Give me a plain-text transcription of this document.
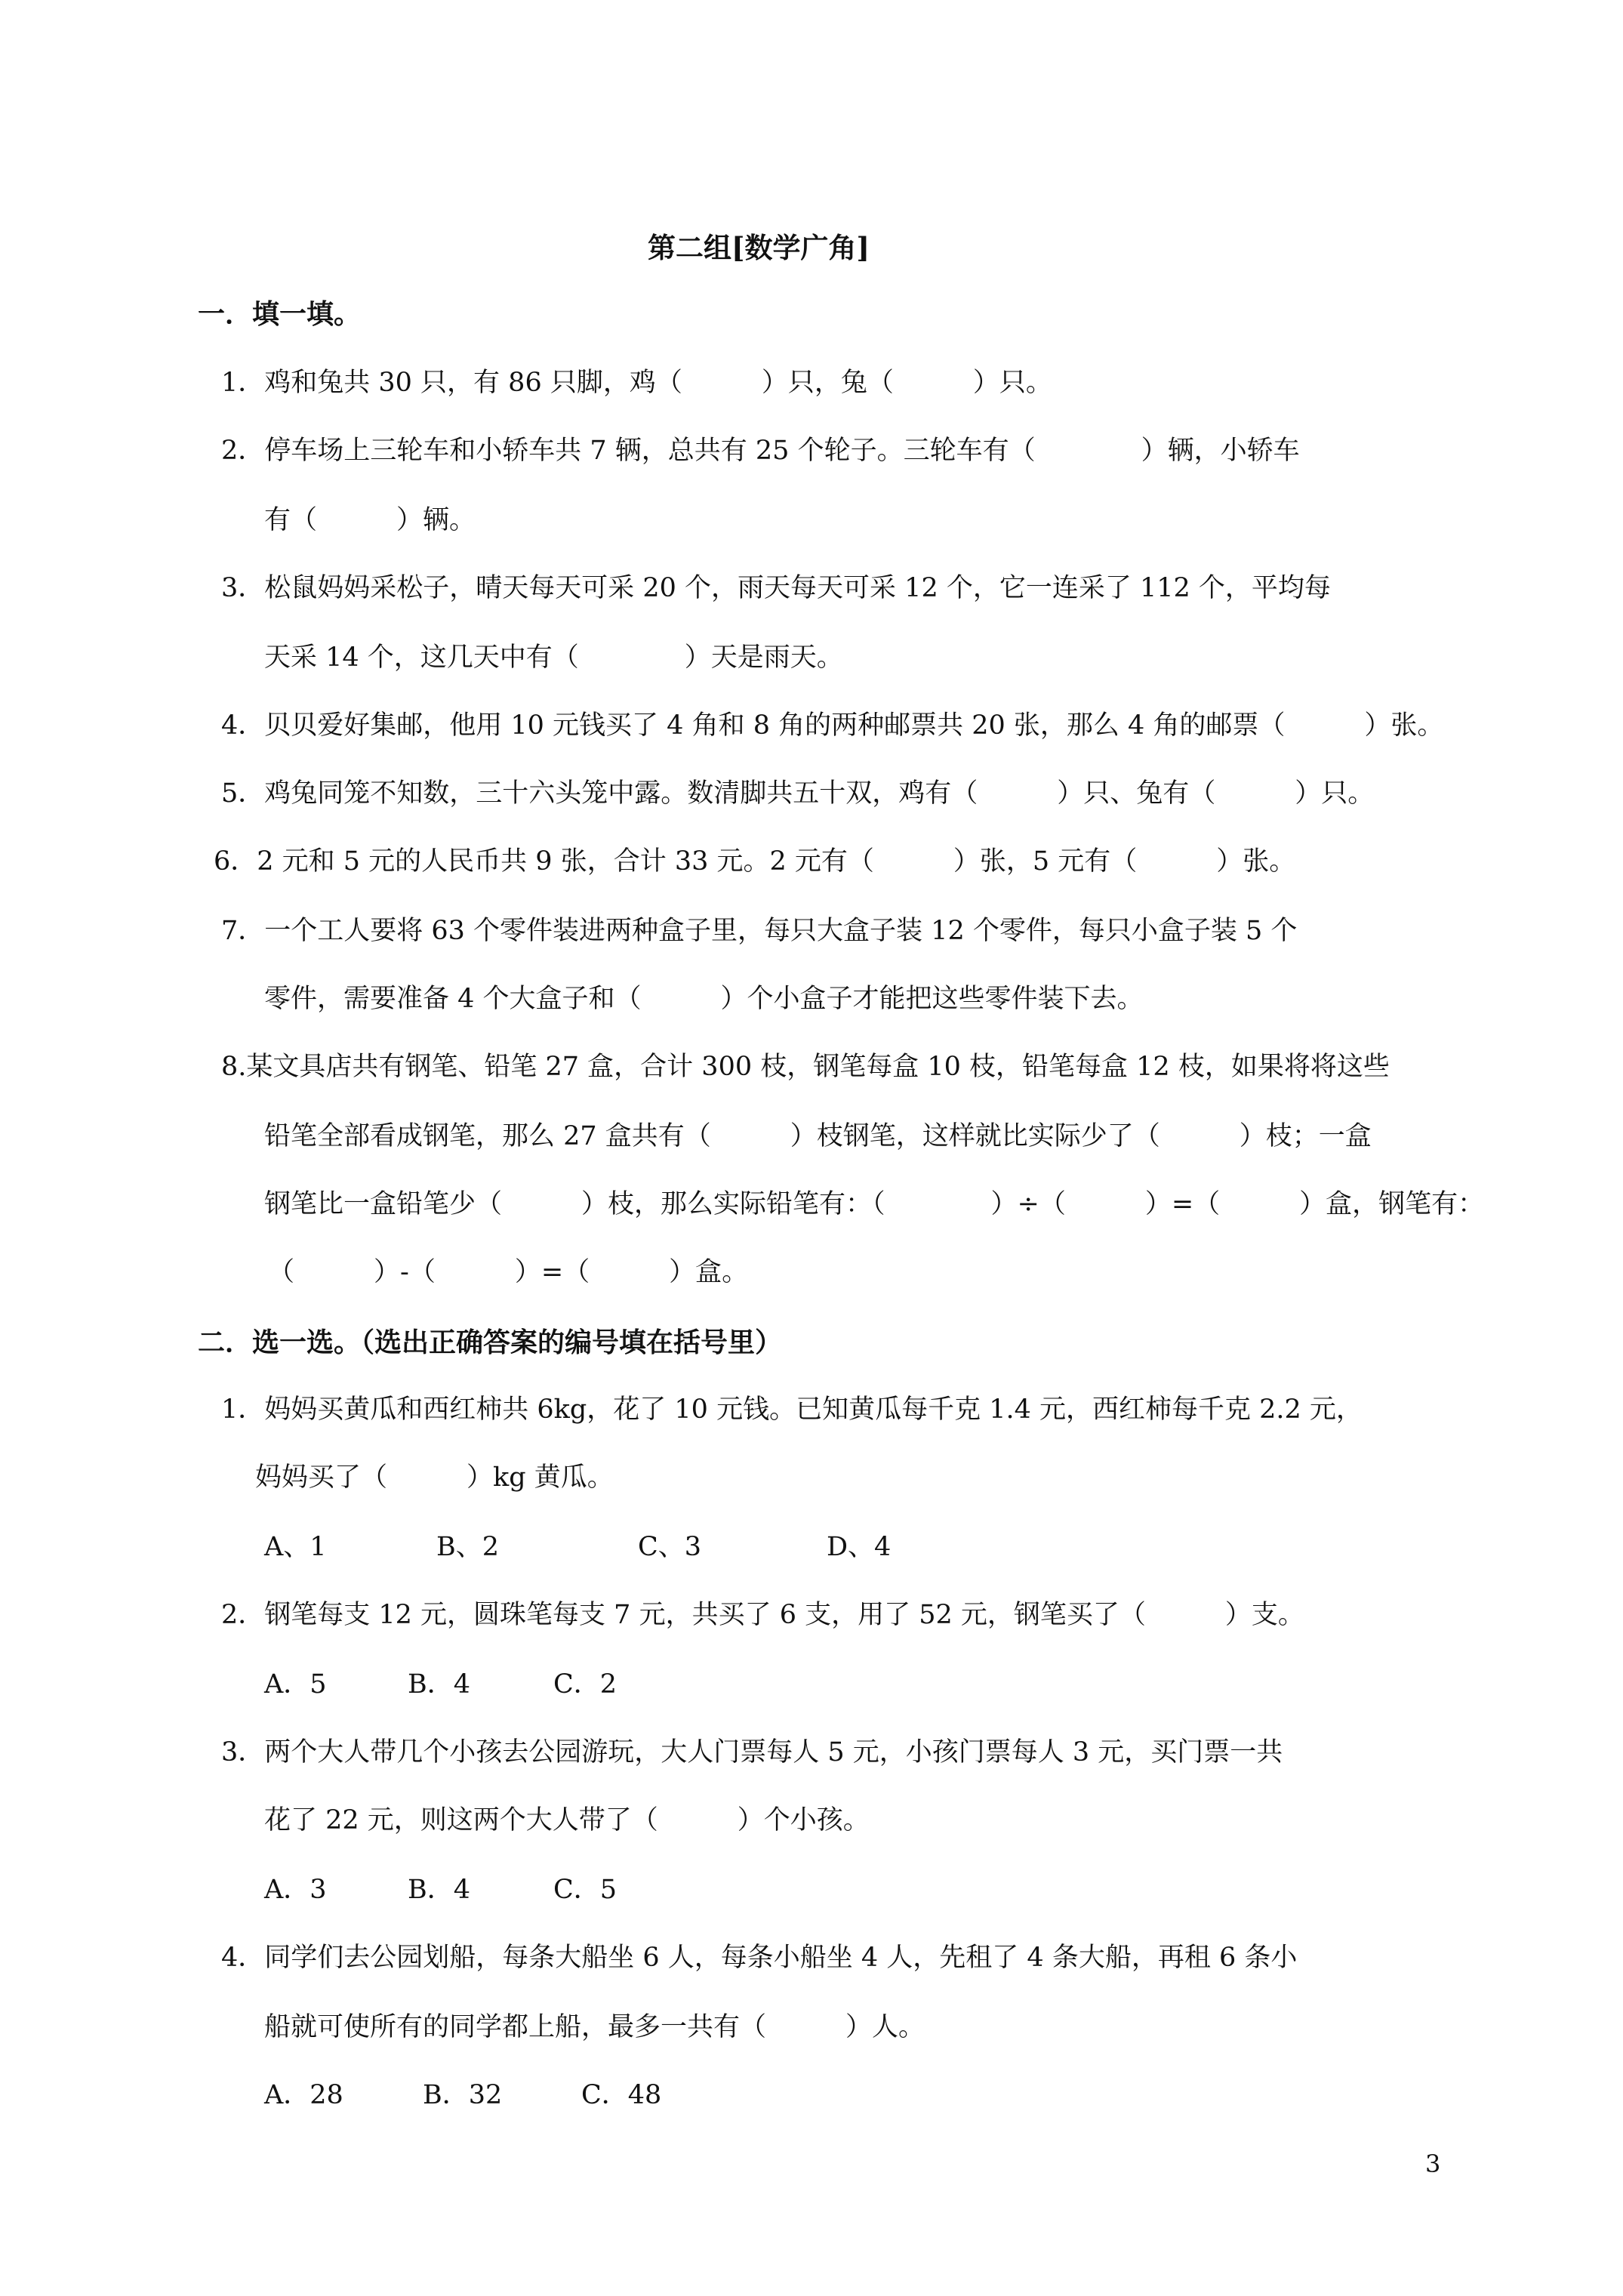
第二组[数学广角]
一．填一填。
1．鸡和兔共 30 只，有 86 只脚，鸡（　　　）只，兔（　　　）只。
2．停车场上三轮车和小轿车共 7 辆，总共有 25 个轮子。三轮车有（　　　　）辆，小轿车
有（　　　）辆。
3．松鼠妈妈采松子，晴天每天可采 20 个，雨天每天可采 12 个，它一连采了 112 个，平均每
天采 14 个，这几天中有（　　　　）天是雨天。
4．贝贝爱好集邮，他用 10 元钱买了 4 角和 8 角的两种邮票共 20 张，那么 4 角的邮票（　　　）张。
5．鸡兔同笼不知数，三十六头笼中露。数清脚共五十双，鸡有（　　　）只、兔有（　　　）只。
6．2 元和 5 元的人民币共 9 张，合计 33 元。2 元有（　　　）张，5 元有（　　　）张。
7．一个工人要将 63 个零件装进两种盒子里，每只大盒子装 12 个零件，每只小盒子装 5 个
零件，需要准备 4 个大盒子和（　　　）个小盒子才能把这些零件装下去。
8.某文具店共有钢笔、铅笔 27 盒，合计 300 枝，钢笔每盒 10 枝，铅笔每盒 12 枝，如果将将这些
铅笔全部看成钢笔，那么 27 盒共有（　　　）枝钢笔，这样就比实际少了（　　　）枝；一盒
钢笔比一盒铅笔少（　　　）枝，那么实际铅笔有：（　　　　）÷（　　　）=（　　　）盒，钢笔有：
（　　　）-（　　　）=（　　　）盒。
二．选一选。（选出正确答案的编号填在括号里）
1．妈妈买黄瓜和西红柿共 6kg，花了 10 元钱。已知黄瓜每千克 1.4 元，西红柿每千克 2.2 元，
妈妈买了（　　　）kg 黄瓜。
A、1	B、2	C、3	D、4
2．钢笔每支 12 元，圆珠笔每支 7 元，共买了 6 支，用了 52 元，钢笔买了（　　　）支。
A．5	B．4	C．2
3．两个大人带几个小孩去公园游玩，大人门票每人 5 元，小孩门票每人 3 元，买门票一共
花了 22 元，则这两个大人带了（　　　）个小孩。
A．3	B．4	C．5
4．同学们去公园划船，每条大船坐 6 人，每条小船坐 4 人，先租了 4 条大船，再租 6 条小
船就可使所有的同学都上船，最多一共有（　　　）人。
A．28	B．32	C．48
3
